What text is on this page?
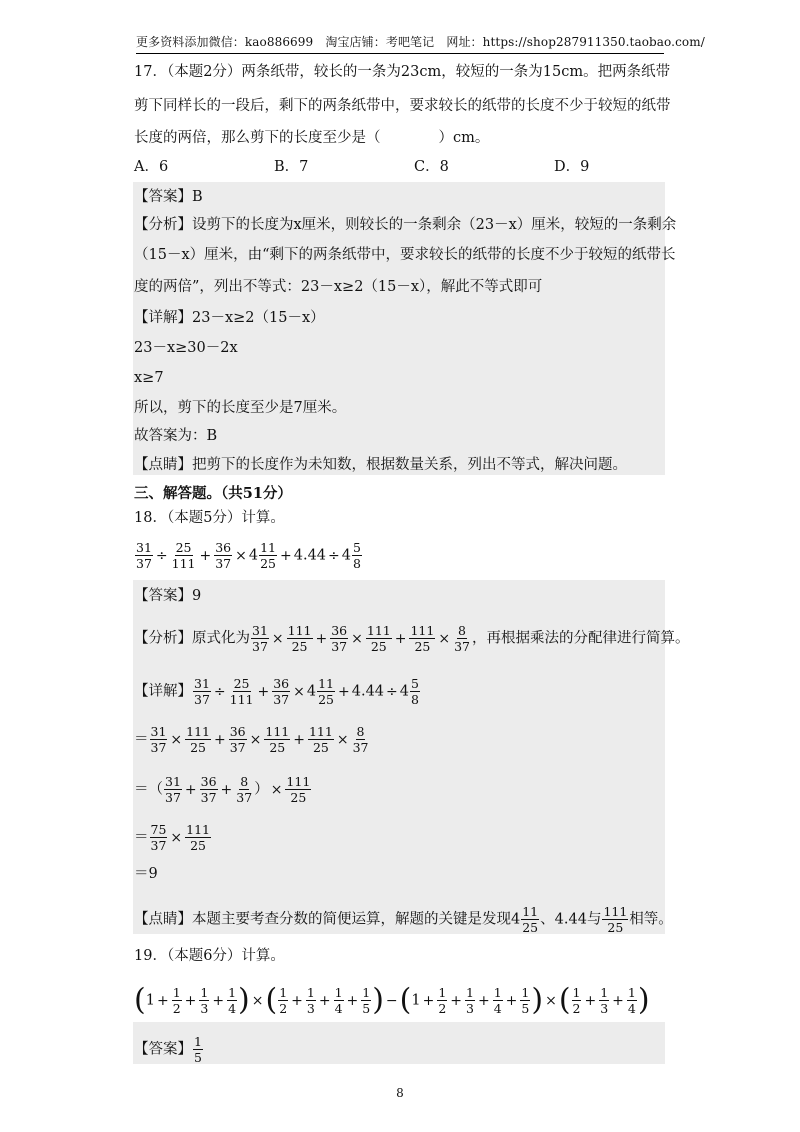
更多资料添加微信：kao886699　淘宝店铺：考吧笔记　网址：https://shop287911350.taobao.com/
17．（本题2分）两条纸带，较长的一条为23cm，较短的一条为15cm。把两条纸带
剪下同样长的一段后，剩下的两条纸带中，要求较长的纸带的长度不少于较短的纸带
长度的两倍，那么剪下的长度至少是（　　　　）cm。
A．6	B．7	C．8	D．9
【答案】B
【分析】设剪下的长度为x厘米，则较长的一条剩余（23－x）厘米，较短的一条剩余
（15－x）厘米，由“剩下的两条纸带中，要求较长的纸带的长度不少于较短的纸带长
度的两倍”，列出不等式：23－x≥2（15－x），解此不等式即可
【详解】23－x≥2（15－x）
23－x≥30－2x
x≥7
所以，剪下的长度至少是7厘米。
故答案为：B
【点睛】把剪下的长度作为未知数，根据数量关系，列出不等式，解决问题。
三、解答题。（共51分）
18．（本题5分）计算。
$\frac{31}{37} \div \frac{25}{111} + \frac{36}{37} \times 4 \frac{11}{25} + 4.44 \div 4 \frac{5}{8}$
【答案】9
【分析】原式化为 $\frac{31}{37} \times \frac{111}{25} + \frac{36}{37} \times \frac{111}{25} + \frac{111}{25} \times \frac{8}{37}$ ，再根据乘法的分配律进行简算。
【详解】 $\frac{31}{37} \div \frac{25}{111} + \frac{36}{37} \times 4 \frac{11}{25} + 4.44 \div 4 \frac{5}{8}$
＝ $\frac{31}{37} \times \frac{111}{25} + \frac{36}{37} \times \frac{111}{25} + \frac{111}{25} \times \frac{8}{37}$
＝（ $\frac{31}{37} + \frac{36}{37} + \frac{8}{37}$ ） × $\frac{111}{25}$
＝ $\frac{75}{37} \times \frac{111}{25}$
＝9
【点睛】本题主要考查分数的简便运算，解题的关键是发现$4 \frac{11}{25}$ 、4.44与 $\frac{111}{25}$ 相等。
19．（本题6分）计算。
($1 + \frac{1}{2} + \frac{1}{3} + \frac{1}{4}$ ) ×( $\frac{1}{2} + \frac{1}{3} + \frac{1}{4} + \frac{1}{5}$ ) $-(1 + \frac{1}{2} + \frac{1}{3} + \frac{1}{4} + \frac{1}{5}$ ) ×( $\frac{1}{2} + \frac{1}{3} + \frac{1}{4}$ )
【答案】 $\frac{1}{5}$
8
